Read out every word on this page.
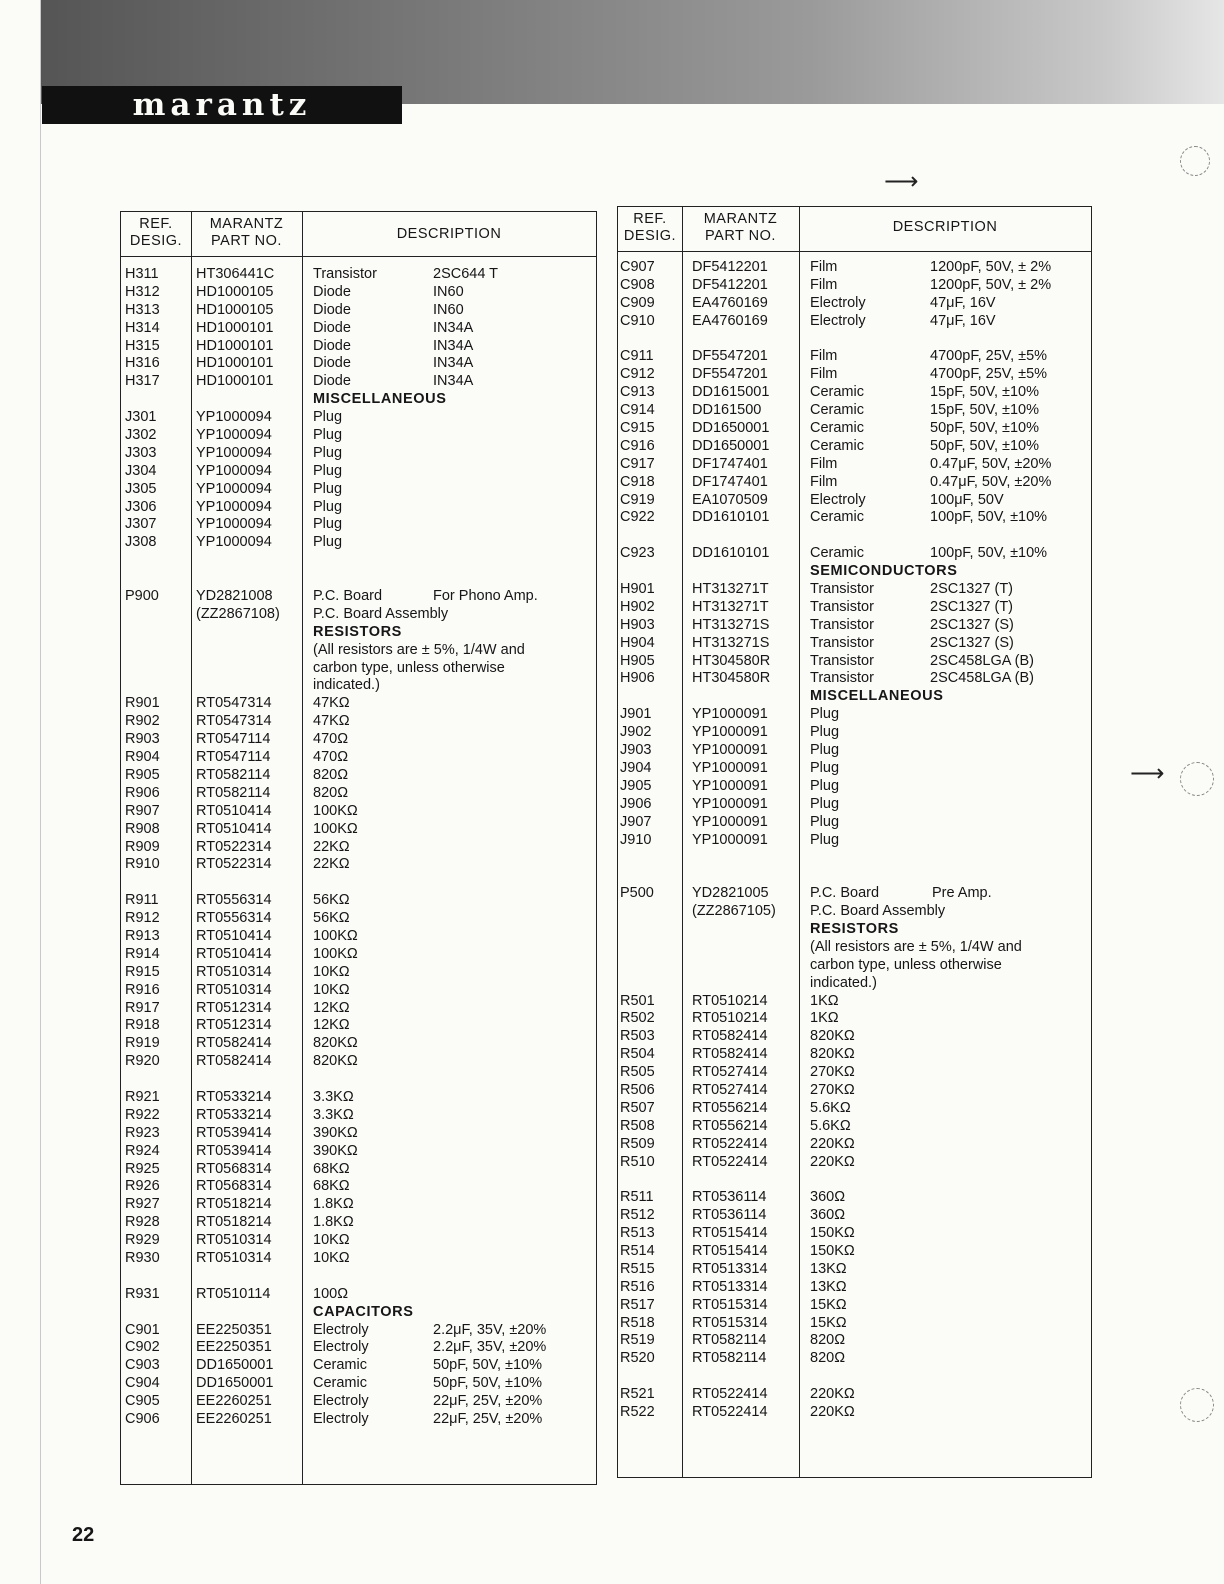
marantz
⟶
⟶
REF.
DESIG.
MARANTZ
PART NO.	DESCRIPTION
H311	HT306441C	Transistor	2SC644 T
H312	HD1000105	Diode	IN60
H313	HD1000105	Diode	IN60
H314	HD1000101	Diode	IN34A
H315	HD1000101	Diode	IN34A
H316	HD1000101	Diode	IN34A
H317	HD1000101	Diode	IN34A
MISCELLANEOUS
J301	YP1000094	Plug
J302	YP1000094	Plug
J303	YP1000094	Plug
J304	YP1000094	Plug
J305	YP1000094	Plug
J306	YP1000094	Plug
J307	YP1000094	Plug
J308	YP1000094	Plug
P900	YD2821008	P.C. Board	For Phono Amp.
(ZZ2867108) P.C. Board Assembly
RESISTORS
(All resistors are ± 5%, 1/4W and
carbon type, unless otherwise
indicated.)
R901	RT0547314	47KΩ
R902	RT0547314	47KΩ
R903	RT0547114	470Ω
R904	RT0547114	470Ω
R905	RT0582114	820Ω
R906	RT0582114	820Ω
R907	RT0510414	100KΩ
R908	RT0510414	100KΩ
R909	RT0522314	22KΩ
R910	RT0522314	22KΩ
R911	RT0556314	56KΩ
R912	RT0556314	56KΩ
R913	RT0510414	100KΩ
R914	RT0510414	100KΩ
R915	RT0510314	10KΩ
R916	RT0510314	10KΩ
R917	RT0512314	12KΩ
R918	RT0512314	12KΩ
R919	RT0582414	820KΩ
R920	RT0582414	820KΩ
R921	RT0533214	3.3KΩ
R922	RT0533214	3.3KΩ
R923	RT0539414	390KΩ
R924	RT0539414	390KΩ
R925	RT0568314	68KΩ
R926	RT0568314	68KΩ
R927	RT0518214	1.8KΩ
R928	RT0518214	1.8KΩ
R929	RT0510314	10KΩ
R930	RT0510314	10KΩ
R931	RT0510114	100Ω
CAPACITORS
C901	EE2250351	Electroly	2.2μF, 35V, ±20%
C902	EE2250351	Electroly	2.2μF, 35V, ±20%
C903	DD1650001	Ceramic	50pF, 50V, ±10%
C904	DD1650001	Ceramic	50pF, 50V, ±10%
C905	EE2260251	Electroly	22μF, 25V, ±20%
C906	EE2260251	Electroly	22μF, 25V, ±20%
REF.
DESIG.
MARANTZ
PART NO.
DESCRIPTION
C907	DF5412201	Film	1200pF, 50V, ± 2%
C908	DF5412201	Film	1200pF, 50V, ± 2%
C909	EA4760169	Electroly	47μF, 16V
C910	EA4760169	Electroly	47μF, 16V
C911	DF5547201	Film	4700pF, 25V, ±5%
C912	DF5547201	Film	4700pF, 25V, ±5%
C913	DD1615001	Ceramic	15pF, 50V, ±10%
C914	DD161500	Ceramic	15pF, 50V, ±10%
C915	DD1650001	Ceramic	50pF, 50V, ±10%
C916	DD1650001	Ceramic	50pF, 50V, ±10%
C917	DF1747401	Film	0.47μF, 50V, ±20%
C918	DF1747401	Film	0.47μF, 50V, ±20%
C919	EA1070509	Electroly	100μF, 50V
C922	DD1610101	Ceramic	100pF, 50V, ±10%
C923	DD1610101	Ceramic	100pF, 50V, ±10%
SEMICONDUCTORS
H901	HT313271T	Transistor	2SC1327 (T)
H902	HT313271T	Transistor	2SC1327 (T)
H903	HT313271S	Transistor	2SC1327 (S)
H904	HT313271S	Transistor	2SC1327 (S)
H905	HT304580R	Transistor	2SC458LGA (B)
H906	HT304580R	Transistor	2SC458LGA (B)
MISCELLANEOUS
J901	YP1000091	Plug
J902	YP1000091	Plug
J903	YP1000091	Plug
J904	YP1000091	Plug
J905	YP1000091	Plug
J906	YP1000091	Plug
J907	YP1000091	Plug
J910	YP1000091	Plug
P500	YD2821005	P.C. Board	Pre Amp.
(ZZ2867105) P.C. Board Assembly
RESISTORS
(All resistors are ± 5%, 1/4W and
carbon type, unless otherwise
indicated.)
R501	RT0510214	1KΩ
R502	RT0510214	1KΩ
R503	RT0582414	820KΩ
R504	RT0582414	820KΩ
R505	RT0527414	270KΩ
R506	RT0527414	270KΩ
R507	RT0556214	5.6KΩ
R508	RT0556214	5.6KΩ
R509	RT0522414	220KΩ
R510	RT0522414	220KΩ
R511	RT0536114	360Ω
R512	RT0536114	360Ω
R513	RT0515414	150KΩ
R514	RT0515414	150KΩ
R515	RT0513314	13KΩ
R516	RT0513314	13KΩ
R517	RT0515314	15KΩ
R518	RT0515314	15KΩ
R519	RT0582114	820Ω
R520	RT0582114	820Ω
R521	RT0522414	220KΩ
R522	RT0522414	220KΩ
22
